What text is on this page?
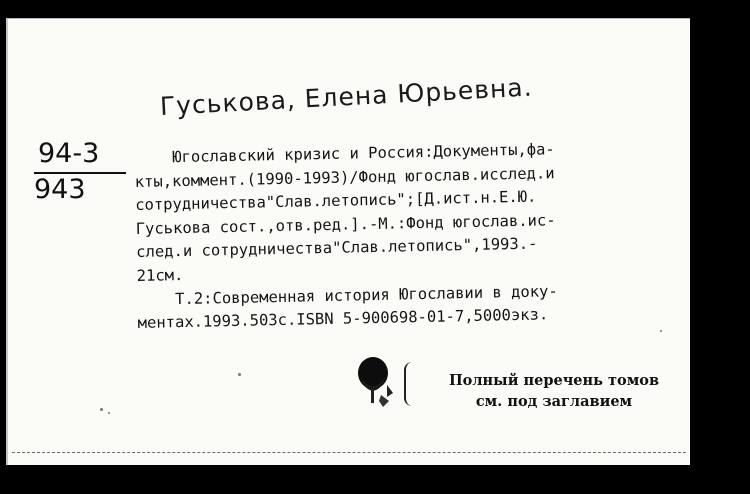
Гуськова, Елена Юрьевна.
94-3
943
Югославский кризис и Россия:Документы,фа-
кты,коммент.(1990-1993)/Фонд югослав.исслед.и
сотрудничества"Слав.летопись";[Д.ист.н.Е.Ю.
Гуськова сост.,отв.ред.].-М.:Фонд югослав.ис-
след.и сотрудничества"Слав.летопись",1993.-
21см.
Т.2:Современная история Югославии в доку-
ментах.1993.503с.ISBN 5-900698-01-7,5000экз.
Полный перечень томов
см. под заглавием
